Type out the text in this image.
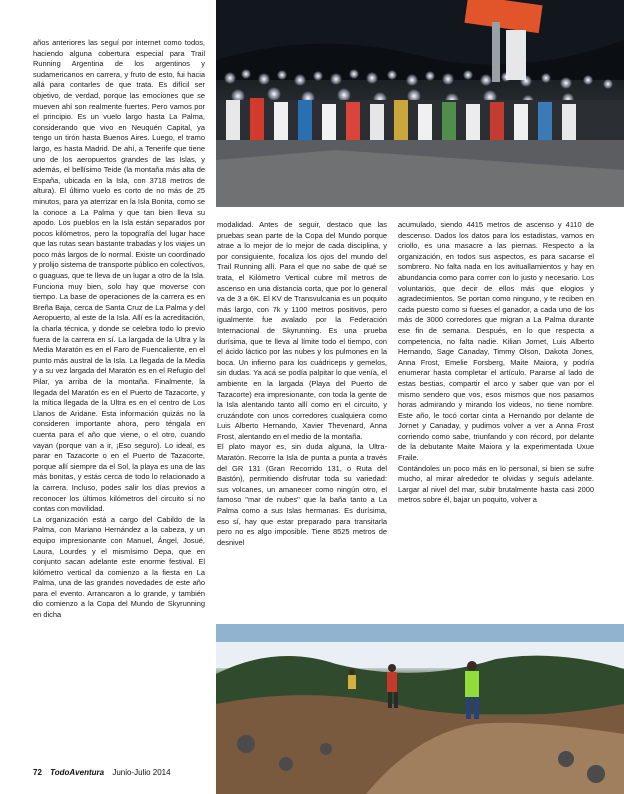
años anteriores las seguí por internet como todos, haciendo alguna cobertura especial para Trail Running Argentina de los argentinos y sudamericanos en carrera, y fruto de esto, fui hacia allá para contarles de que trata. Es difícil ser objetivo, de verdad, porque las emociones que se mueven ahí son realmente fuertes. Pero vamos por el principio. Es un vuelo largo hasta La Palma, considerando que vivo en Neuquén Capital, ya tengo un tirón hasta Buenos Aires. Luego, el tramo largo, es hasta Madrid. De ahí, a Tenerife que tiene uno de los aeropuertos grandes de las Islas, y además, el bellísimo Teide (la montaña más alta de España, ubicada en la Isla, con 3718 metros de altura). El último vuelo es corto de no más de 25 minutos, para ya aterrizar en la Isla Bonita, como se la conoce a La Palma y que tan bien lleva su apodo. Los pueblos en la Isla están separados por pocos kilómetros, pero la topografía del lugar hace que las rutas sean bastante trabadas y los viajes un poco más largos de lo normal. Existe un coordinado y prolijo sistema de transporte público en colectivos, o guaguas, que te lleva de un lugar a otro de la Isla. Funciona muy bien, solo hay que moverse con tiempo. La base de operaciones de la carrera es en Breña Baja, cerca de Santa Cruz de La Palma y del Aeropuerto, al este de la Isla. Allí es la acreditación, la charla técnica, y donde se celebra todo lo previo fuera de la carrera en sí. La largada de la Ultra y la Media Maratón es en el Faro de Fuencaliente, en el punto más austral de la Isla. La llegada de la Media y a su vez largada del Maratón es en el Refugio del Pilar, ya arriba de la montaña. Finalmente, la llegada del Maratón es en el Puerto de Tazacorte, y la mítica llegada de la Ultra es en el centro de Los Llanos de Aridane. Esta información quizás no la consideren importante ahora, pero téngala en cuenta para el año que viene, o el otro, cuando vayan (porque van a ir, ¡Eso seguro). Lo ideal, es parar en Tazacorte o en el Puerto de Tazacorte, porque allí siempre da el Sol, la playa es una de las más bonitas, y estás cerca de todo lo relacionado a la carrera. Incluso, podes salir los días previos a reconocer los últimos kilómetros del circuito si no contas con movilidad.

La organización está a cargo del Cabildo de la Palma, con Mariano Hernández a la cabeza, y un equipo impresionante con Manuel, Ángel, Josué, Laura, Lourdes y el mismísimo Depa, que en conjunto sacan adelante este enorme festival. El kilómetro vertical da comienzo a la fiesta en La Palma, una de las grandes novedades de este año para el evento. Arrancaron a lo grande, y también dio comienzo a la Copa del Mundo de Skyrunning en dicha

modalidad. Antes de seguir, destaco que las pruebas sean parte de la Copa del Mundo porque atrae a lo mejor de lo mejor de cada disciplina, y por consiguiente, focaliza los ojos del mundo del Trail Running allí. Para el que no sabe de qué se trata, el Kilómetro Vertical cubre mil metros de ascenso en una distancia corta, que por lo general va de 3 a 6K. El KV de Transvulcania es un poquito más largo, con 7k y 1100 metros positivos, pero igualmente fue avalado por la Federación Internacional de Skyrunning. Es una prueba durísima, que te lleva al límite todo el tiempo, con el ácido láctico por las nubes y los pulmones en la boca. Un infierno para los cuádriceps y gemelos, sin dudas. Ya acá se podía palpitar lo que venía, el ambiente en la largada (Playa del Puerto de Tazacorte) era impresionante, con toda la gente de la Isla alentando tanto allí como en el circuito, y cruzándote con unos corredores cualquiera como Luis Alberto Hernando, Xavier Thevenard, Anna Frost, alentando en el medio de la montaña.

El plato mayor es, sin duda alguna, la Ultra-Maratón. Recorre la Isla de punta a punta a través del GR 131 (Gran Recorrido 131, o Ruta del Bastón), permitiendo disfrutar toda su variedad: sus volcanes, un amanecer como ningún otro, el famoso "mar de nubes" que la baña tanto a La Palma como a sus Islas hermanas. Es durísima, eso sí, hay que estar preparado para transitarla pero no es algo imposible. Tiene 8525 metros de desnivel

acumulado, siendo 4415 metros de ascenso y 4110 de descenso. Dados los datos para los estadistas, vamos en criollo, es una masacre a las piernas. Respecto a la organización, en todos sus aspectos, es para sacarse el sombrero. No falta nada en los avituallamientos y hay en abundancia como para correr con lo justo y necesario. Los voluntarios, que decir de ellos más que elogios y agradecimientos. Se portan como ninguno, y te reciben en cada puesto como si fueses el ganador, a cada uno de los más de 3000 corredores que migran a La Palma durante ese fin de semana. Después, en lo que respecta a competencia, no falta nadie. Kilian Jornet, Luis Alberto Hernando, Sage Canaday, Timmy Olson, Dakota Jones, Anna Frost, Emelie Forsberg, Maite Maiora, y podría enumerar hasta completar el artículo. Pararse al lado de estas bestias, compartir el arco y saber que van por el mismo sendero que vos, esos mismos que nos pasamos horas admirando y mirando los videos, no tiene nombre. Este año, le tocó cortar cinta a Hernando por delante de Jornet y Canaday, y pudimos volver a ver a Anna Frost corriendo como sabe, triunfando y con récord, por delante de la debutante Maite Maiora y la experimentada Uxue Fraile.

Contándoles un poco más en lo personal, si bien se sufre mucho, al mirar alrededor te olvidas y seguís adelante. Largar al nivel del mar, subir brutalmente hasta casi 2000 metros sobre él, bajar un poquito, volver a

72 TodoAventura Junio-Julio 2014
